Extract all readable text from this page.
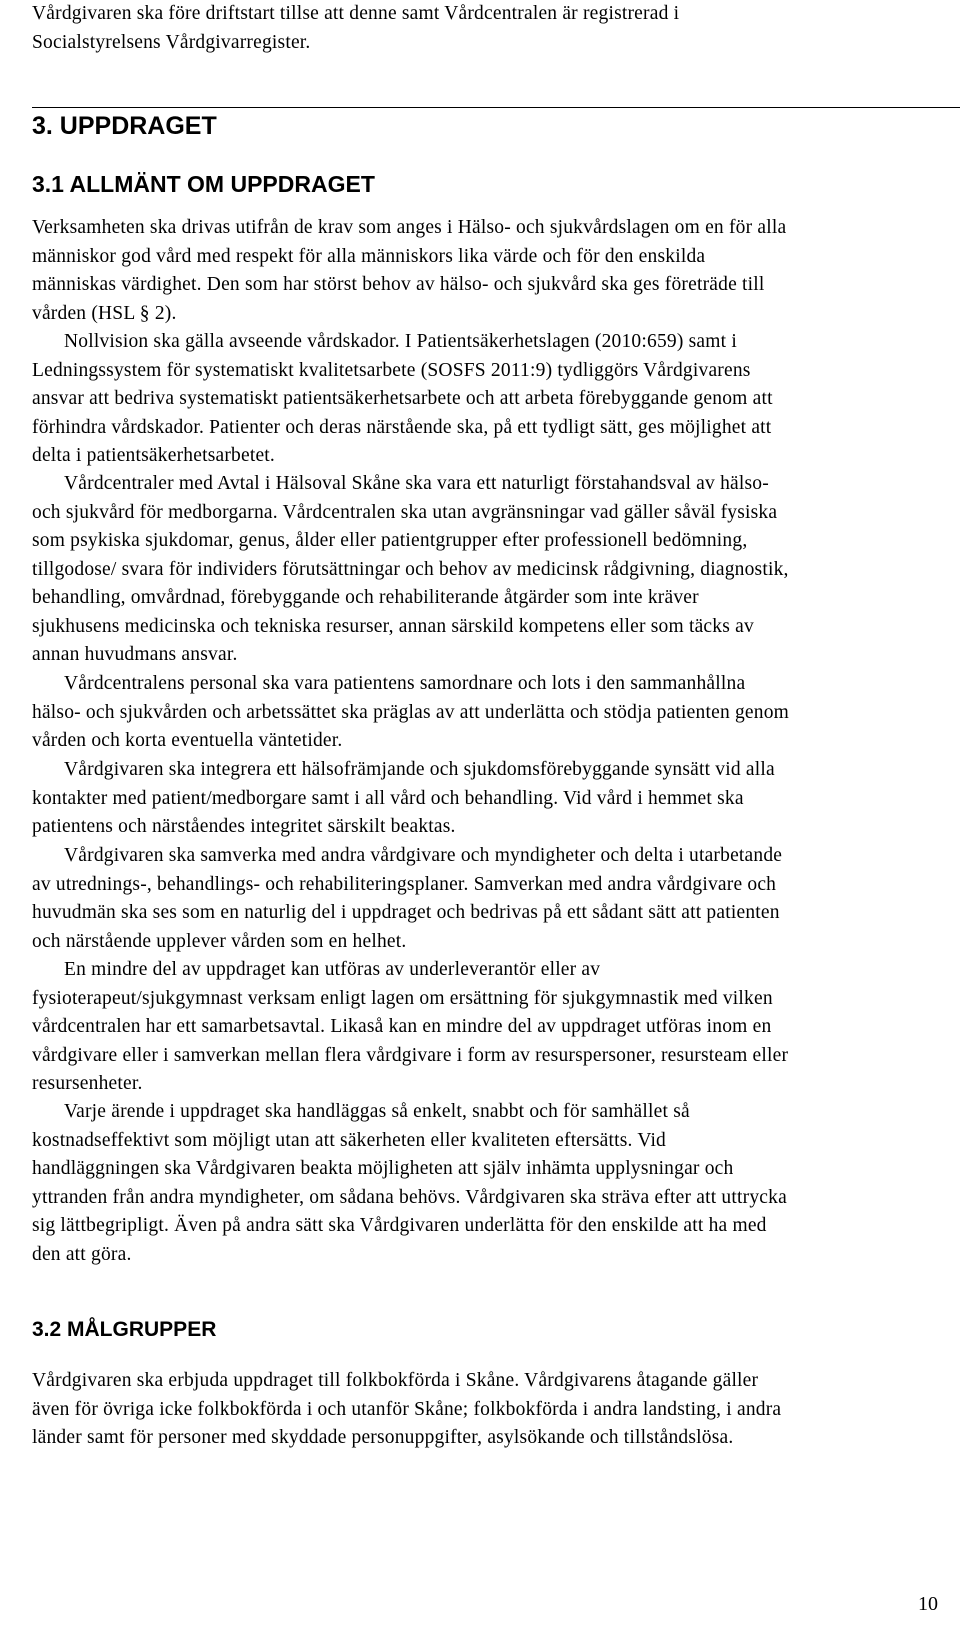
Vårdgivaren ska före driftstart tillse att denne samt Vårdcentralen är registrerad i
Socialstyrelsens Vårdgivarregister.

3. UPPDRAGET
3.1 ALLMÄNT OM UPPDRAGET

Verksamheten ska drivas utifrån de krav som anges i Hälso- och sjukvårdslagen om en för alla
människor god vård med respekt för alla människors lika värde och för den enskilda
människas värdighet. Den som har störst behov av hälso- och sjukvård ska ges företräde till
vården (HSL § 2).

Nollvision ska gälla avseende vårdskador. I Patientsäkerhetslagen (2010:659) samt i
Ledningssystem för systematiskt kvalitetsarbete (SOSFS 2011:9) tydliggörs Vårdgivarens
ansvar att bedriva systematiskt patientsäkerhetsarbete och att arbeta förebyggande genom att
förhindra vårdskador. Patienter och deras närstående ska, på ett tydligt sätt, ges möjlighet att
delta i patientsäkerhetsarbetet.

Vårdcentraler med Avtal i Hälsoval Skåne ska vara ett naturligt förstahandsval av hälso-
och sjukvård för medborgarna. Vårdcentralen ska utan avgränsningar vad gäller såväl fysiska
som psykiska sjukdomar, genus, ålder eller patientgrupper efter professionell bedömning,
tillgodose/ svara för individers förutsättningar och behov av medicinsk rådgivning, diagnostik,
behandling, omvårdnad, förebyggande och rehabiliterande åtgärder som inte kräver
sjukhusens medicinska och tekniska resurser, annan särskild kompetens eller som täcks av
annan huvudmans ansvar.

Vårdcentralens personal ska vara patientens samordnare och lots i den sammanhållna
hälso- och sjukvården och arbetssättet ska präglas av att underlätta och stödja patienten genom
vården och korta eventuella väntetider.

Vårdgivaren ska integrera ett hälsofrämjande och sjukdomsförebyggande synsätt vid alla
kontakter med patient/medborgare samt i all vård och behandling. Vid vård i hemmet ska
patientens och närståendes integritet särskilt beaktas.

Vårdgivaren ska samverka med andra vårdgivare och myndigheter och delta i utarbetande
av utrednings-, behandlings- och rehabiliteringsplaner. Samverkan med andra vårdgivare och
huvudmän ska ses som en naturlig del i uppdraget och bedrivas på ett sådant sätt att patienten
och närstående upplever vården som en helhet.

En mindre del av uppdraget kan utföras av underleverantör eller av
fysioterapeut/sjukgymnast verksam enligt lagen om ersättning för sjukgymnastik med vilken
vårdcentralen har ett samarbetsavtal. Likaså kan en mindre del av uppdraget utföras inom en
vårdgivare eller i samverkan mellan flera vårdgivare i form av resurspersoner, resursteam eller
resursenheter.

Varje ärende i uppdraget ska handläggas så enkelt, snabbt och för samhället så
kostnadseffektivt som möjligt utan att säkerheten eller kvaliteten eftersätts. Vid
handläggningen ska Vårdgivaren beakta möjligheten att själv inhämta upplysningar och
yttranden från andra myndigheter, om sådana behövs. Vårdgivaren ska sträva efter att uttrycka
sig lättbegripligt. Även på andra sätt ska Vårdgivaren underlätta för den enskilde att ha med
den att göra.

3.2 MÅLGRUPPER

Vårdgivaren ska erbjuda uppdraget till folkbokförda i Skåne. Vårdgivarens åtagande gäller
även för övriga icke folkbokförda i och utanför Skåne; folkbokförda i andra landsting, i andra
länder samt för personer med skyddade personuppgifter, asylsökande och tillståndslösa.

10
